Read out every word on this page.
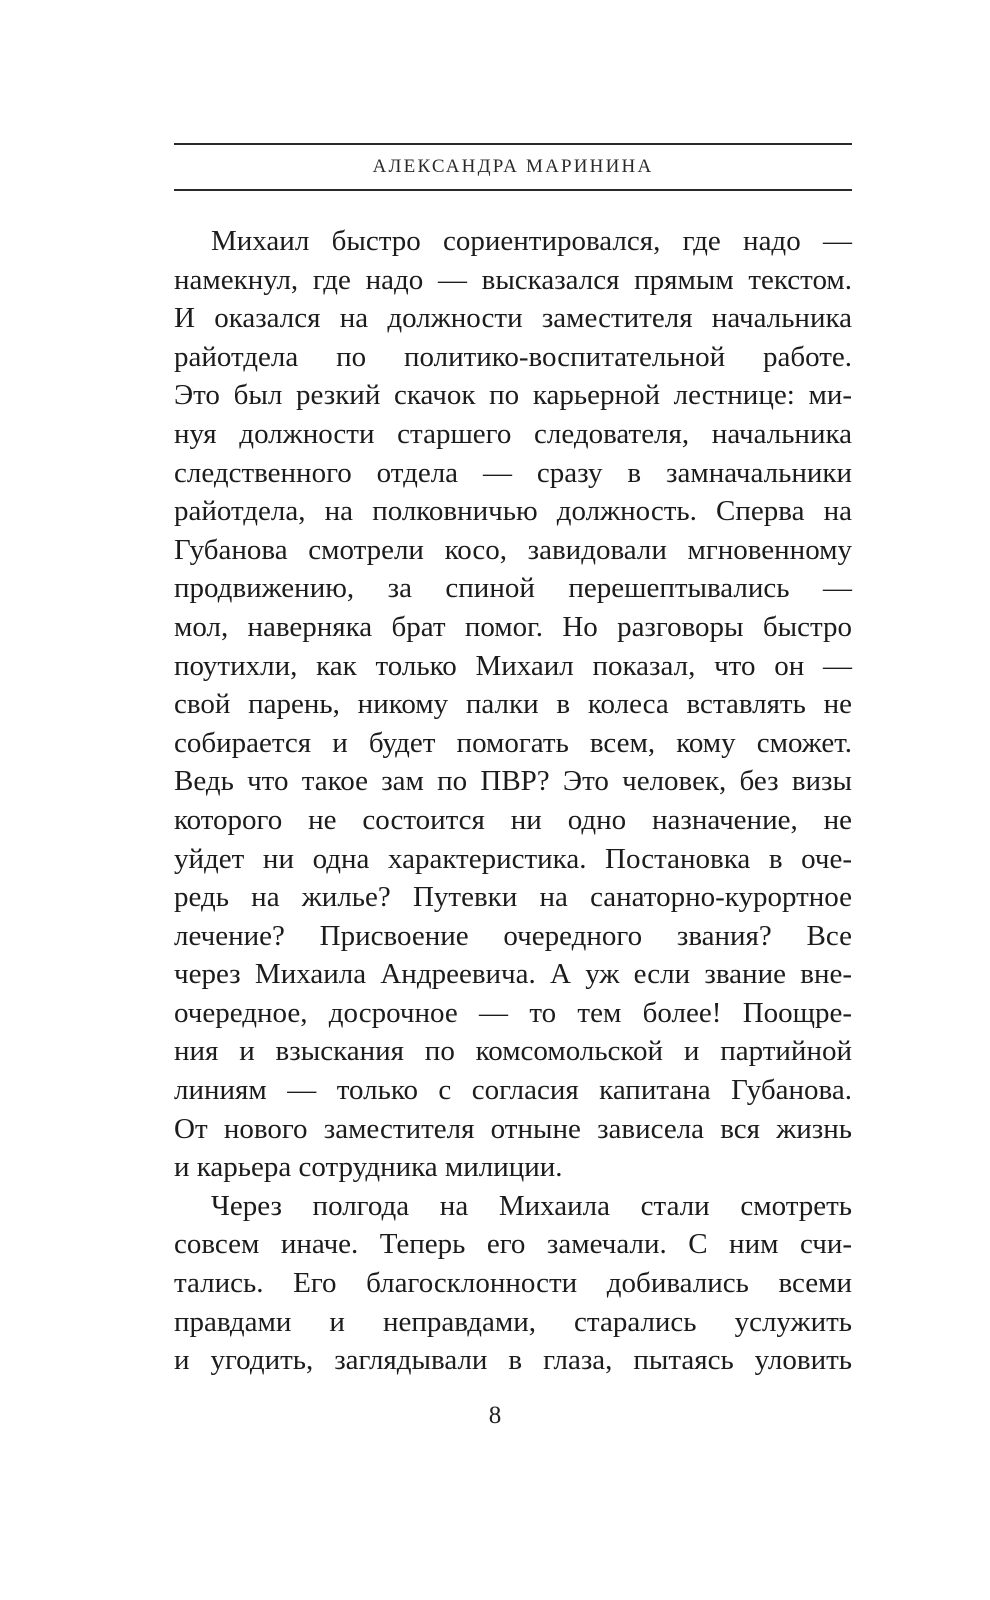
АЛЕКСАНДРА МАРИНИНА
Михаил быстро сориентировался, где надо —
намекнул, где надо — высказался прямым текстом.
И оказался на должности заместителя начальника
райотдела по политико-воспитательной работе.
Это был резкий скачок по карьерной лестнице: ми-
нуя должности старшего следователя, начальника
следственного отдела — сразу в замначальники
райотдела, на полковничью должность. Сперва на
Губанова смотрели косо, завидовали мгновенному
продвижению, за спиной перешептывались —
мол, наверняка брат помог. Но разговоры быстро
поутихли, как только Михаил показал, что он —
свой парень, никому палки в колеса вставлять не
собирается и будет помогать всем, кому сможет.
Ведь что такое зам по ПВР? Это человек, без визы
которого не состоится ни одно назначение, не
уйдет ни одна характеристика. Постановка в оче-
редь на жилье? Путевки на санаторно-курортное
лечение? Присвоение очередного звания? Все
через Михаила Андреевича. А уж если звание вне-
очередное, досрочное — то тем более! Поощре-
ния и взыскания по комсомольской и партийной
линиям — только с согласия капитана Губанова.
От нового заместителя отныне зависела вся жизнь
и карьера сотрудника милиции.
Через полгода на Михаила стали смотреть
совсем иначе. Теперь его замечали. С ним счи-
тались. Его благосклонности добивались всеми
правдами и неправдами, старались услужить
и угодить, заглядывали в глаза, пытаясь уловить
8
